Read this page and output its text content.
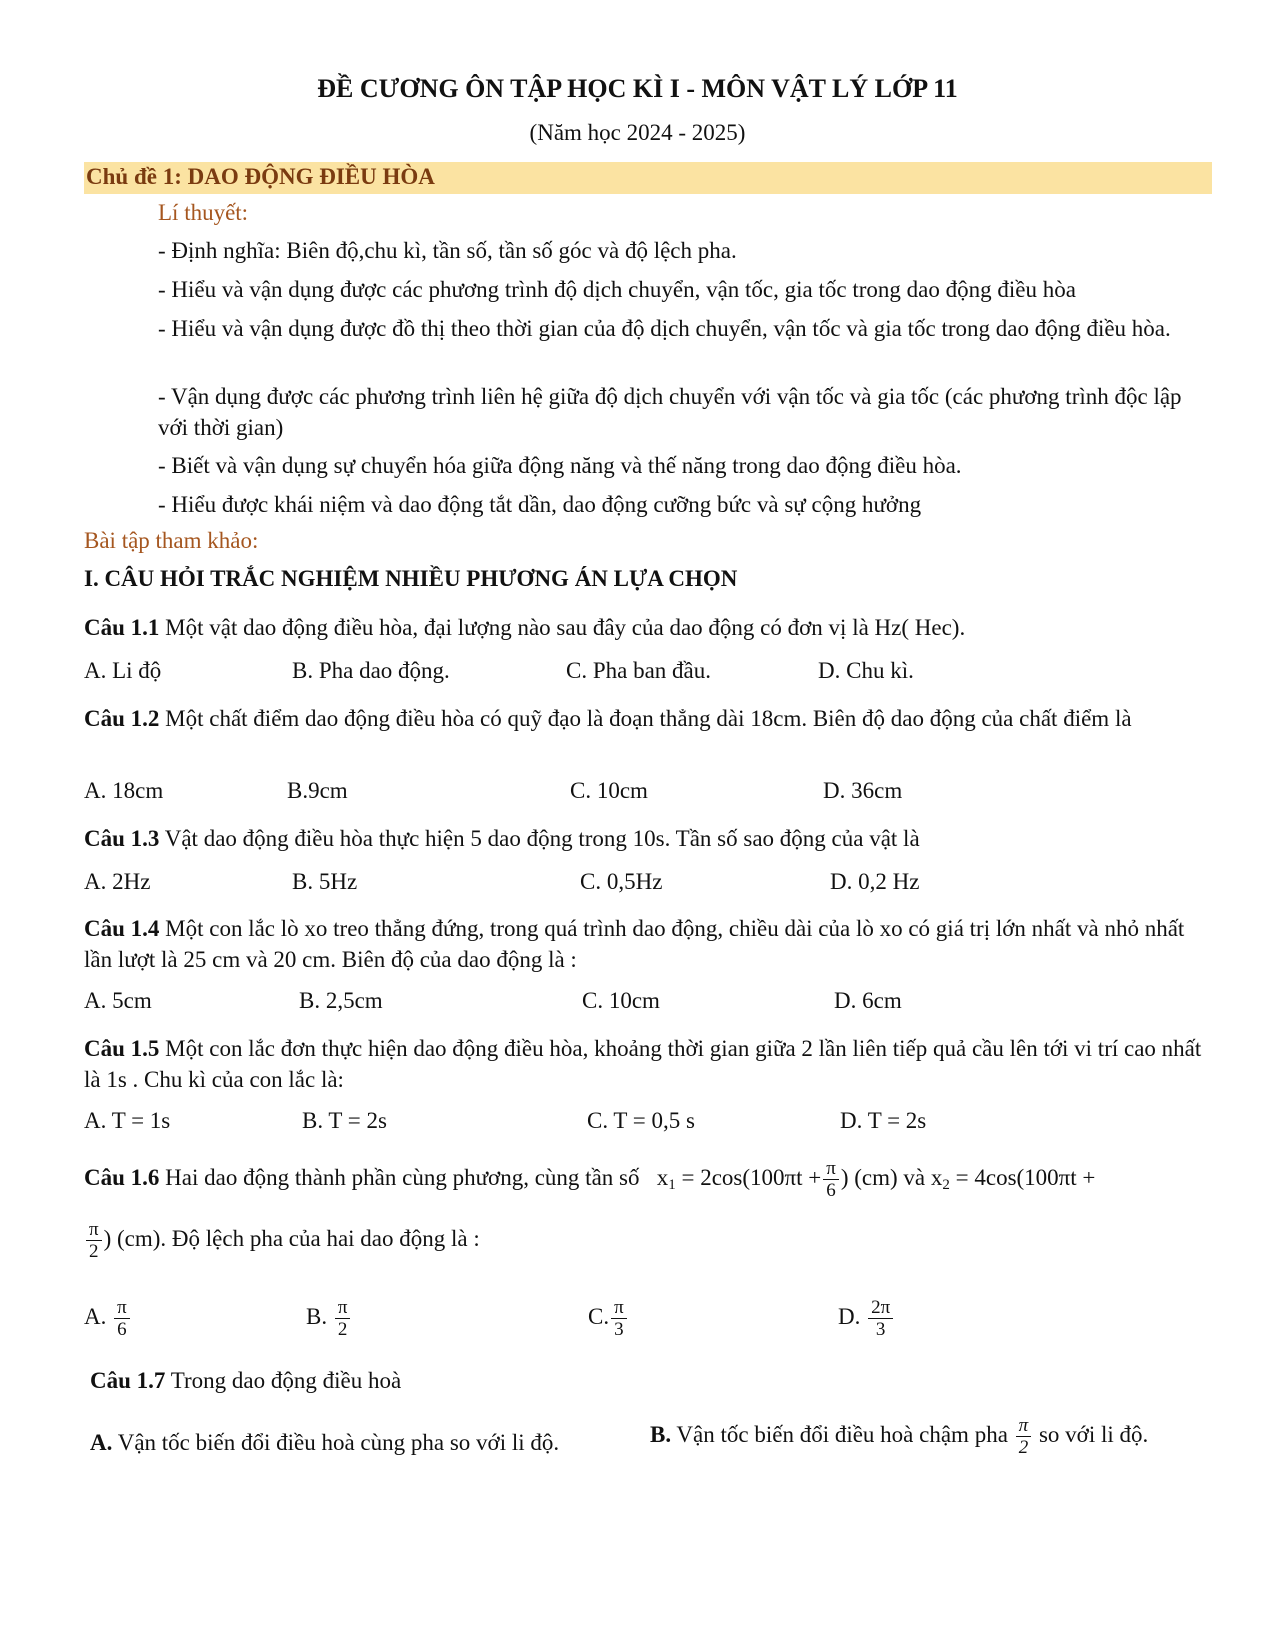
ĐỀ CƯƠNG ÔN TẬP HỌC KÌ I - MÔN VẬT LÝ LỚP 11
(Năm học 2024 - 2025)
Chủ đề 1: DAO ĐỘNG ĐIỀU HÒA
Lí thuyết:
- Định nghĩa: Biên độ,chu kì, tần số, tần số góc và độ lệch pha.
- Hiểu và vận dụng được các phương trình độ dịch chuyển, vận tốc, gia tốc trong dao động điều hòa
- Hiểu và vận dụng được đồ thị theo thời gian của độ dịch chuyển, vận tốc và gia tốc trong dao động điều hòa.
- Vận dụng được các phương trình liên hệ giữa độ dịch chuyển với vận tốc và gia tốc (các phương trình độc lập với thời gian)
- Biết và vận dụng sự chuyển hóa giữa động năng và thế năng trong dao động điều hòa.
- Hiểu được khái niệm và dao động tắt dần, dao động cưỡng bức và sự cộng hưởng
Bài tập tham khảo:
I. CÂU HỎI TRẮC NGHIỆM NHIỀU PHƯƠNG ÁN LỰA CHỌN
Câu 1.1 Một vật dao động điều hòa, đại lượng nào sau đây của dao động có đơn vị là Hz( Hec).
A. Li độ	B. Pha dao động.	C. Pha ban đầu.	D. Chu kì.
Câu 1.2 Một chất điểm dao động điều hòa có quỹ đạo là đoạn thẳng dài 18cm. Biên độ dao động của chất điểm là
A. 18cm	B.9cm	C. 10cm	D. 36cm
Câu 1.3 Vật dao động điều hòa thực hiện 5 dao động trong 10s. Tần số sao động của vật là
A. 2Hz	B. 5Hz	C. 0,5Hz	D. 0,2 Hz
Câu 1.4 Một con lắc lò xo treo thẳng đứng, trong quá trình dao động, chiều dài của lò xo có giá trị lớn nhất và nhỏ nhất lần lượt là 25 cm và 20 cm. Biên độ của dao động là :
A. 5cm	B. 2,5cm	C. 10cm	D. 6cm
Câu 1.5 Một con lắc đơn thực hiện dao động điều hòa, khoảng thời gian giữa 2 lần liên tiếp quả cầu lên tới vi trí cao nhất là 1s . Chu kì của con lắc là:
A. T = 1s	B. T = 2s	C. T = 0,5 s	D. T = 2s
Câu 1.6 Hai dao động thành phần cùng phương, cùng tần số $x_1 = 2\cos(100\pi t + \frac{\pi}{6}$ ) (cm) và $x_2 = 4\cos(100\pi t$ +
$\frac{\pi}{2}$ ) (cm). Độ lệch pha của hai dao động là :
A. $\frac{\pi}{6}$	B. $\frac{\pi}{2}$	C. $\frac{\pi}{3}$	D. $\frac{2\pi}{3}$
Câu 1.7 Trong dao động điều hoà
A. Vận tốc biến đổi điều hoà cùng pha so với li độ.	B. Vận tốc biến đổi điều hoà chậm pha $\frac{\pi}{2}$ so với li độ.
